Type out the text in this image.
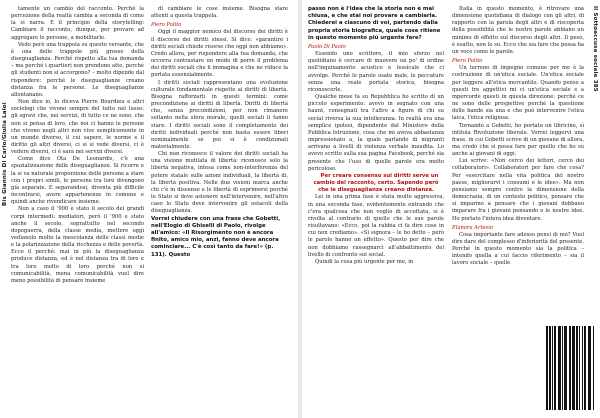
Bis Giannis Di Carlo/Giulia Laloi

tamente un cambio del racconto. Perché la percezione della realtà cambia a seconda di come la si narra. E il principio della storytelling: Cambiare il racconto, dunque, per provare ad aggregare le persone, a mobilitarle.

Vedo però una trappola su questo versante, che è una delle trappole più grosse della diseguaglianza. Perché rispetto alla tua domanda – ma perché i quartieri non prendono atto, perché gli studenti non si accorgono? – molto dipende dal rispondere: perché le diseguaglianze creano distanza fra le persone. Le diseguaglianze allontanano.

Non dico io, lo diceva Pierre Bourdieu e altri sociologi che vivono sempre del tutto nel lusso: gli sgravi che, nei servizi, di tutto ce ne sono, che non si pensa di loro, che noi ci hanno le persone che vivono negli altri non vive semplicemente in un mondo diverso, il cui sapere, le norme e il diritto gli altri diversi, ci si si vede diversi, ci è vedere diversi, ci è sarà nei servizi diversi.

Come dice Ota De Leonardis, c'è una spazializzazione delle diseguaglianze. Si ricorre e la si va naturale proporzione delle persone a stare con i propri simili, le persone tra loro divengono già separate. E separandosi, diventa più difficile incontrarsi, avere appartenenze in comune e quindi anche rivendicare insieme.

Non a caso il '900 è stato il secolo dei grandi corpi intermedi: mediatori, però il '900 e stato anche il secolo, soprattutto nel secondo dopoguerra, della classe media, mettere oggi vedianolo molto la mescolanza delle classi medie e la polarizzazione della ricchezza e delle povertà. Ecco il perché: mai in più la diseguaglianza produce distanza, ed è nel distanza tra di loro e tra loro molto di loro perché non si comunicabilità, mena comunicabilità vuol dire meno possibilità di pensare insieme

di cambiare le cose insieme. Bisogna stare attenti a questa trappola.

Piero Polito

Oggi il maggior nemico del discorso dei diritti è il discorso dei diritti stessi. Si dice: «garantire i diritti sociali chiede risorse che oggi non abbiamo». Credo allora, per rispondere alla tua domanda, che occorra contrastare un modo di porre il problema dei diritti sociali che li immagina e che ne riduce la portata essenzialmente.

I diritti sociali rappresentano una evoluzione culturale fondamentale rispetto ai diritti di libertà. Bisogna rafforzarli in questi termini: come precondizione ai diritti di libertà. Diritti di libertà che, senza precondizioni, per non rimanere soltanto nella sfera morale, quelli sociali li fanno stare. I diritti sociali sono il completamento dei diritti individuali perché non basta essere liberi nominalmente se poi si è condizionati materialmente.

Chi non riconosce il valore dei diritti sociali ha una visione mutilata di libertà: riconosce solo la libertà negativa, intesa come non-interferenza del potere statale sulle azioni individuali, la libertà di, la libertà positiva. Nelle due visioni marca anche chi c'è in dissenso e le libertà di esprimersi perché lo Stato si deve astenere nell'intervenire, nell'altro caso lo Stato deve intervenire gli ostacoli della diseguaglianza.

Vorrei chiudere con una frase che Gobetti, nell'Elogio di Ghiselli di Paolo, rivolge all'amico: «Il Risorgimento non è ancora finito, amico mio, anzi, fanno deve ancora cominciare... C'è così tanto da fare!» (p. 131). Questo

Il Sottoaccusa sociale 385

passo non è l'idea che la storia non è mai chiusa, e che stai noi provare a cambiarla. Chiederei a ciascuno di voi, partendo dalla propria storia biografica, quale cose ritiene in questo momento più urgente fare?

Paolo Di Paolo

Essendo uno scrittore, il mio sforzo nel quotidiano è cercare di muovere un po' di ordine nell'inquinamento acustico e lessicale che ci avvolge. Perché le parole usate male, le peccature senza una reale portata storica, bisogna riconoscerle.

Qualche mese fa su Repubblica ho scritto di un piccolo esperimento: avevo in segnato con una haunt, consegnati tra l'altro a figure di chi su social riversa la sua intolleranza. In realtà era una semplice ipotesi, dipendente dal Ministero della Pubblica Istruzione, cosa che mi aveva abbastanza impressionato a, la quale parlando di migranti arrivano a livelli di violenza verbale inaudita. Lo avevo scritto sulla sua pagina Facebook, perché sia presente che l'uso di quelle parole era molto pericoloso.

Per creare consenso sui diritti serve un cambio del racconto, certo. Sapendo però che le diseguaglianze creano distanza.

Lei in una prima fase è stata molto aggressiva, in una seconda fase, evidentemente entrando che c'era qualcosa che non voglio di accettata, si è rivolta al contrario di quello che le sue parole risultavano: «Ecco, poi la rabbia ci fa dire cose in cui non crediamo». «Sì signora – le ho detto – però le parole hanno un effetto». Questo per dire che non dobbiamo rassegnarci all'abbattimento del livello di confronto sui social.

Quindi la cosa più urgente per me, in

Italia in questo momento, è ritrovare una dimensione quotidiana di dialogo con gli altri, di rapporto con la parola degli altri e di riscoperta della possibilità che le nostre parole abbiano un minimo di effetto sul discorso degli altri. Il peso, è esatto, non lo so. Ecco che sia fare che possa ha un voce come le parole.

Piero Polito

Un terreno di impegno comune per me è la costruzione di un'etica sociale. Un'etica sociale per leggere all'etica mercantile. Quando penso a questi tre aggettivi mi ci un'etica sociale e a mpercorde questi in questa direzione: perché ce ne sono delle prospettive perché la questione delle bande sia una e che può intervenire l'etica laica, l'etica religiosa.

Tornando a Gobetti, ho portato un libricino, sì intitola Rivoluzione liberale. Vorrei leggervi una frase, in cui Gobetti scrive di un giovane di allora, ma credo che si possa fare per quello che ho su anche ai giovani di oggi.

Lui scrive: «Non cerco dei lettori, cerco dei collaboratori». Collaboratori per fare che cosa? Per «esercitare nella vita politica del nostro paese, migliorarvi i consumi e le idee». Ma non pensiamo sempre contro la dimensione della democrazia, di un contesto politico, pensare che si imparino a pensare che i giovani debbano imparare fra i giovani pensando e le nostre idee. Ho portato l'intera idea diventare.

Elanora Artesio

Cosa importante fare adesso pensi di noi? Vuol dire dare del complesso d'inferiorità del presente. Perché in questo momento sia la politica – intendo quella a cui faccio riferimento – sia il lavoro sociale – quelle
